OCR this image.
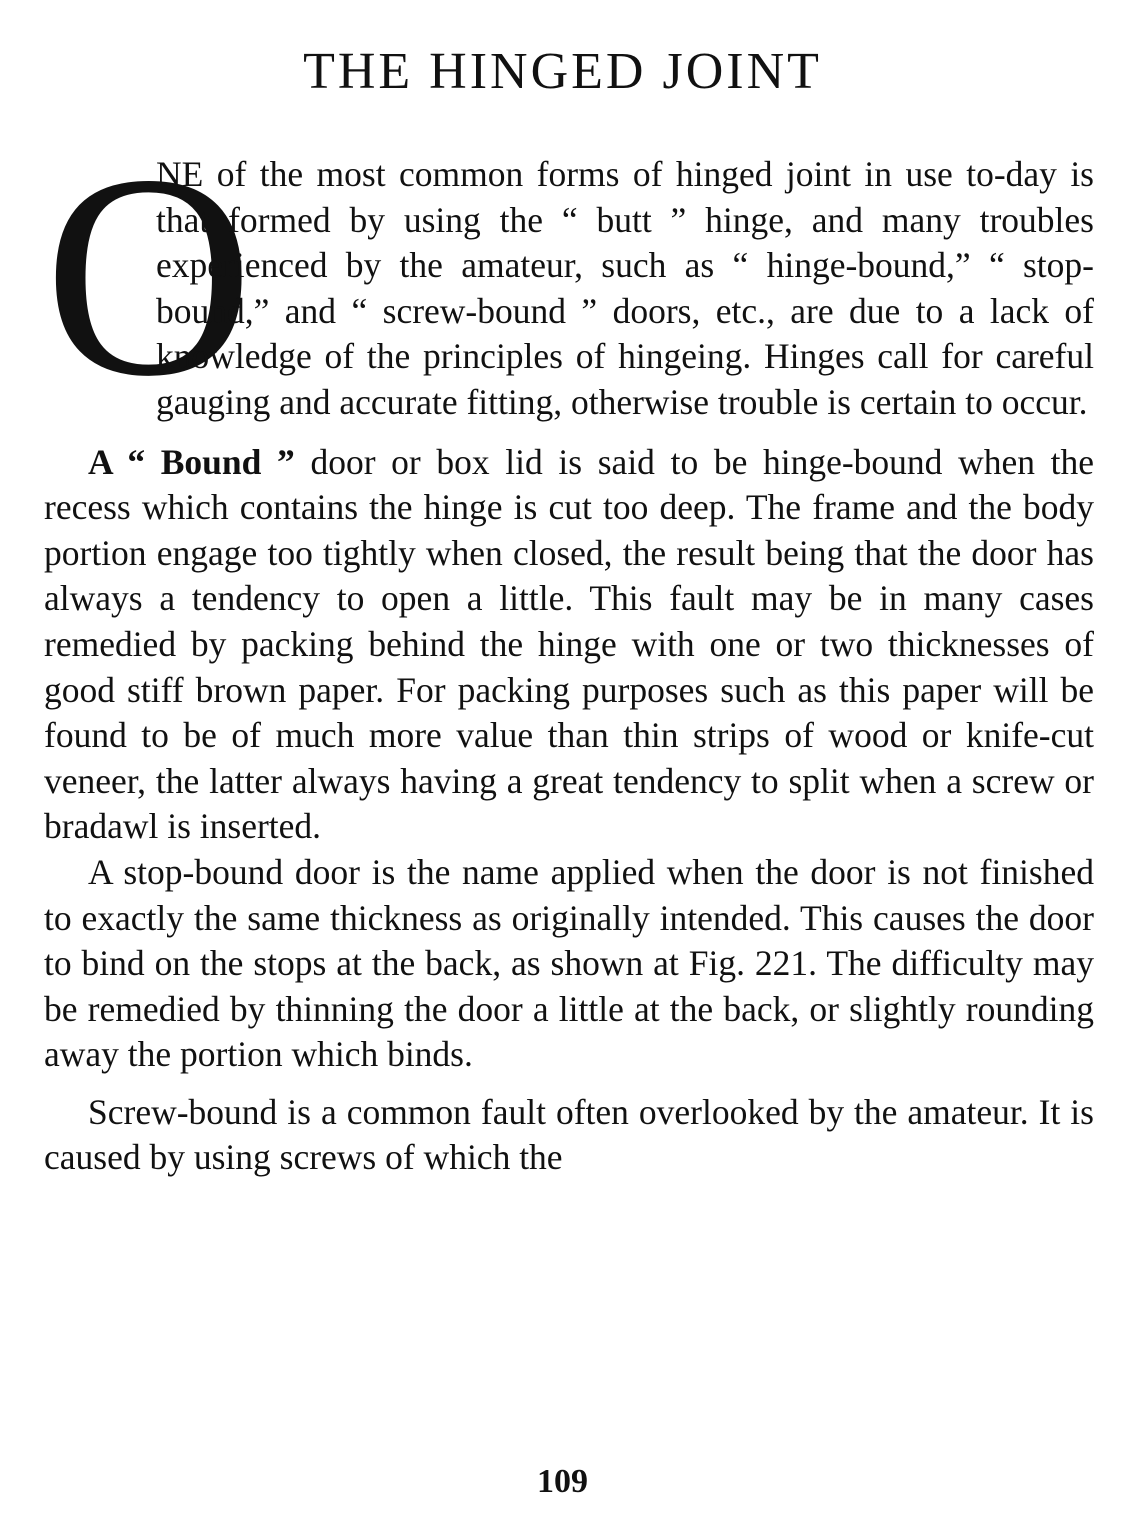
THE HINGED JOINT

O
NE of the most common forms of hinged joint in use to-day is that formed by using the “ butt ” hinge, and many troubles experienced by the amateur, such as “ hinge-bound,” “ stop-bound,” and “ screw-bound ” doors, etc., are due to a lack of knowledge of the principles of hingeing. Hinges call for careful gauging and accurate fitting, otherwise trouble is certain to occur.

A “ Bound ” door or box lid is said to be hinge-bound when the recess which contains the hinge is cut too deep. The frame and the body portion engage too tightly when closed, the result being that the door has always a tendency to open a little. This fault may be in many cases remedied by packing behind the hinge with one or two thicknesses of good stiff brown paper. For packing purposes such as this paper will be found to be of much more value than thin strips of wood or knife-cut veneer, the latter always having a great tendency to split when a screw or bradawl is inserted.

A stop-bound door is the name applied when the door is not finished to exactly the same thickness as originally intended. This causes the door to bind on the stops at the back, as shown at Fig. 221. The difficulty may be remedied by thinning the door a little at the back, or slightly rounding away the portion which binds.

Screw-bound is a common fault often overlooked by the amateur. It is caused by using screws of which the

109
